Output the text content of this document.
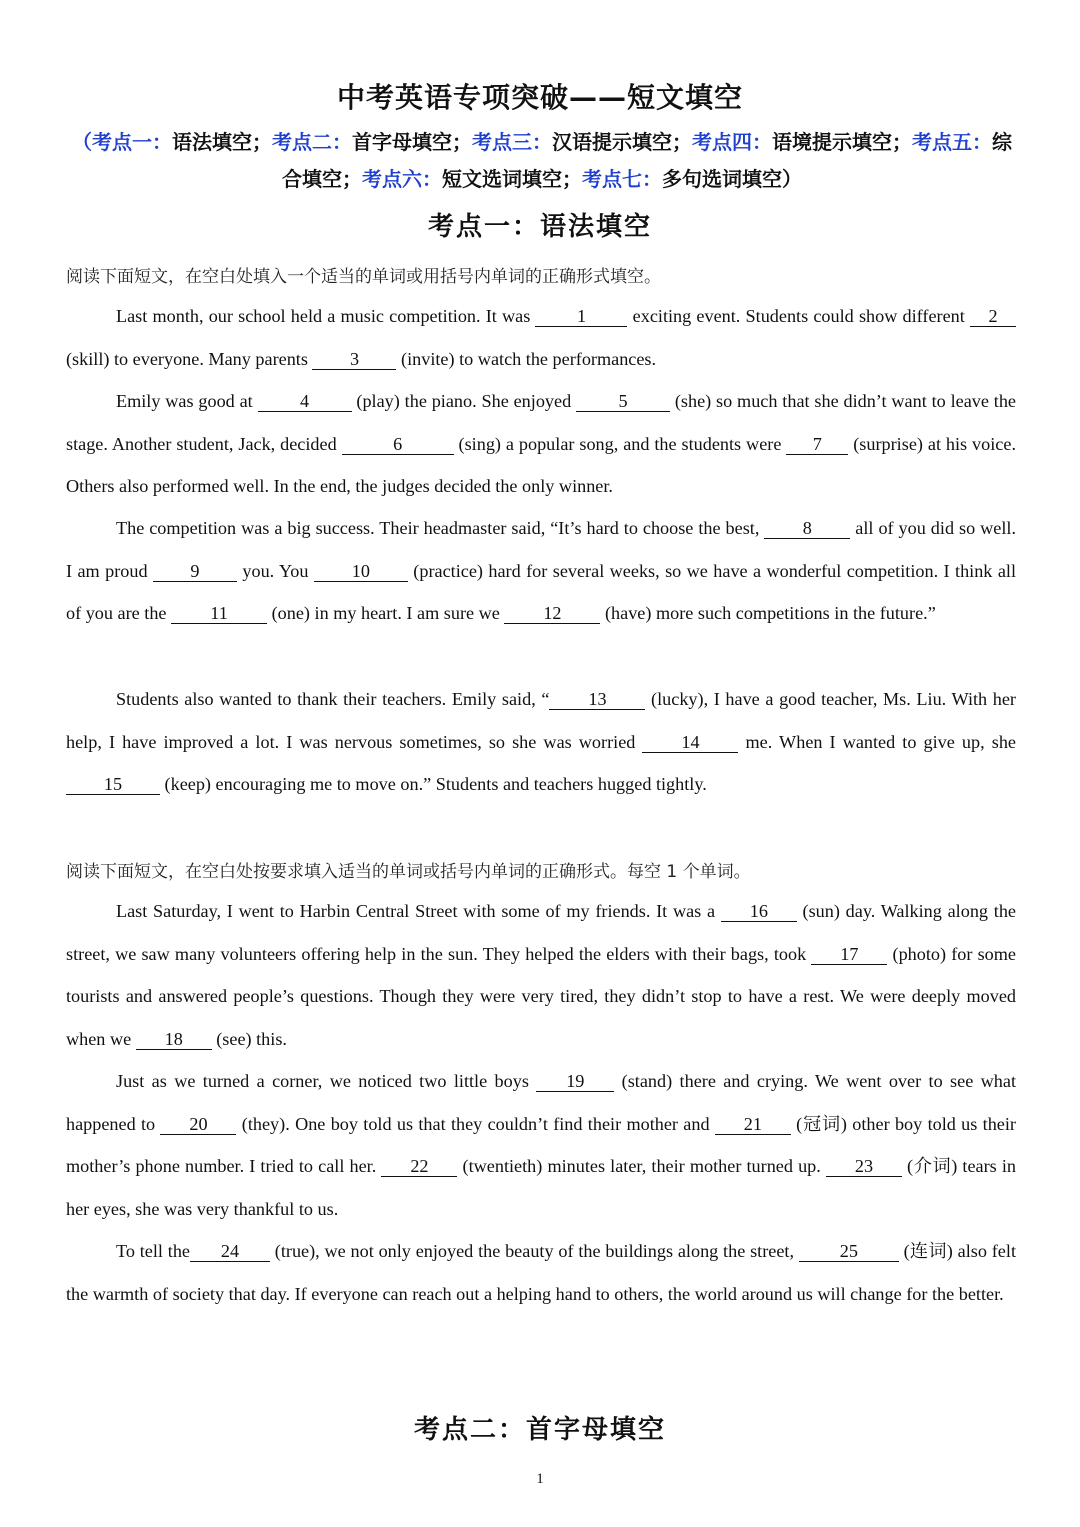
中考英语专项突破——短文填空
（考点一：语法填空；考点二：首字母填空；考点三：汉语提示填空；考点四：语境提示填空；考点五：综合填空；考点六：短文选词填空；考点七：多句选词填空）
考点一：语法填空
阅读下面短文，在空白处填入一个适当的单词或用括号内单词的正确形式填空。

Last month, our school held a music competition. It was 1 exciting event. Students could show different 2 (skill) to everyone. Many parents 3 (invite) to watch the performances.

Emily was good at 4 (play) the piano. She enjoyed 5 (she) so much that she didn’t want to leave the stage. Another student, Jack, decided	6	(sing) a popular song, and the students were 7 (surprise) at his voice. Others also performed well. In the end, the judges decided the only winner.

The competition was a big success. Their headmaster said, “It’s hard to choose the best, 8 all of you did so well. I am proud 9 you. You 10 (practice) hard for several weeks, so we have a wonderful competition. I think all of you are the 11 (one) in my heart. I am sure we 12 (have) more such competitions in the future.”

Students also wanted to thank their teachers. Emily said, “ 13 (lucky), I have a good teacher, Ms. Liu. With her help, I have improved a lot. I was nervous sometimes, so she was worried 14 me. When I wanted to give up, she 15 (keep) encouraging me to move on.” Students and teachers hugged tightly.

阅读下面短文，在空白处按要求填入适当的单词或括号内单词的正确形式。每空 1 个单词。

Last Saturday, I went to Harbin Central Street with some of my friends. It was a 16 (sun) day. Walking along the street, we saw many volunteers offering help in the sun. They helped the elders with their bags, took 17 (photo) for some tourists and answered people’s questions. Though they were very tired, they didn’t stop to have a rest. We were deeply moved when we 18 (see) this.

Just as we turned a corner, we noticed two little boys 19 (stand) there and crying. We went over to see what happened to 20 (they). One boy told us that they couldn’t find their mother and 21 (冠词) other boy told us their mother’s phone number. I tried to call her. 22 (twentieth) minutes later, their mother turned up. 23 (介词) tears in her eyes, she was very thankful to us.

To tell the 24 (true), we not only enjoyed the beauty of the buildings along the street, 25 (连词) also felt the warmth of society that day. If everyone can reach out a helping hand to others, the world around us will change for the better.

考点二：首字母填空
1
